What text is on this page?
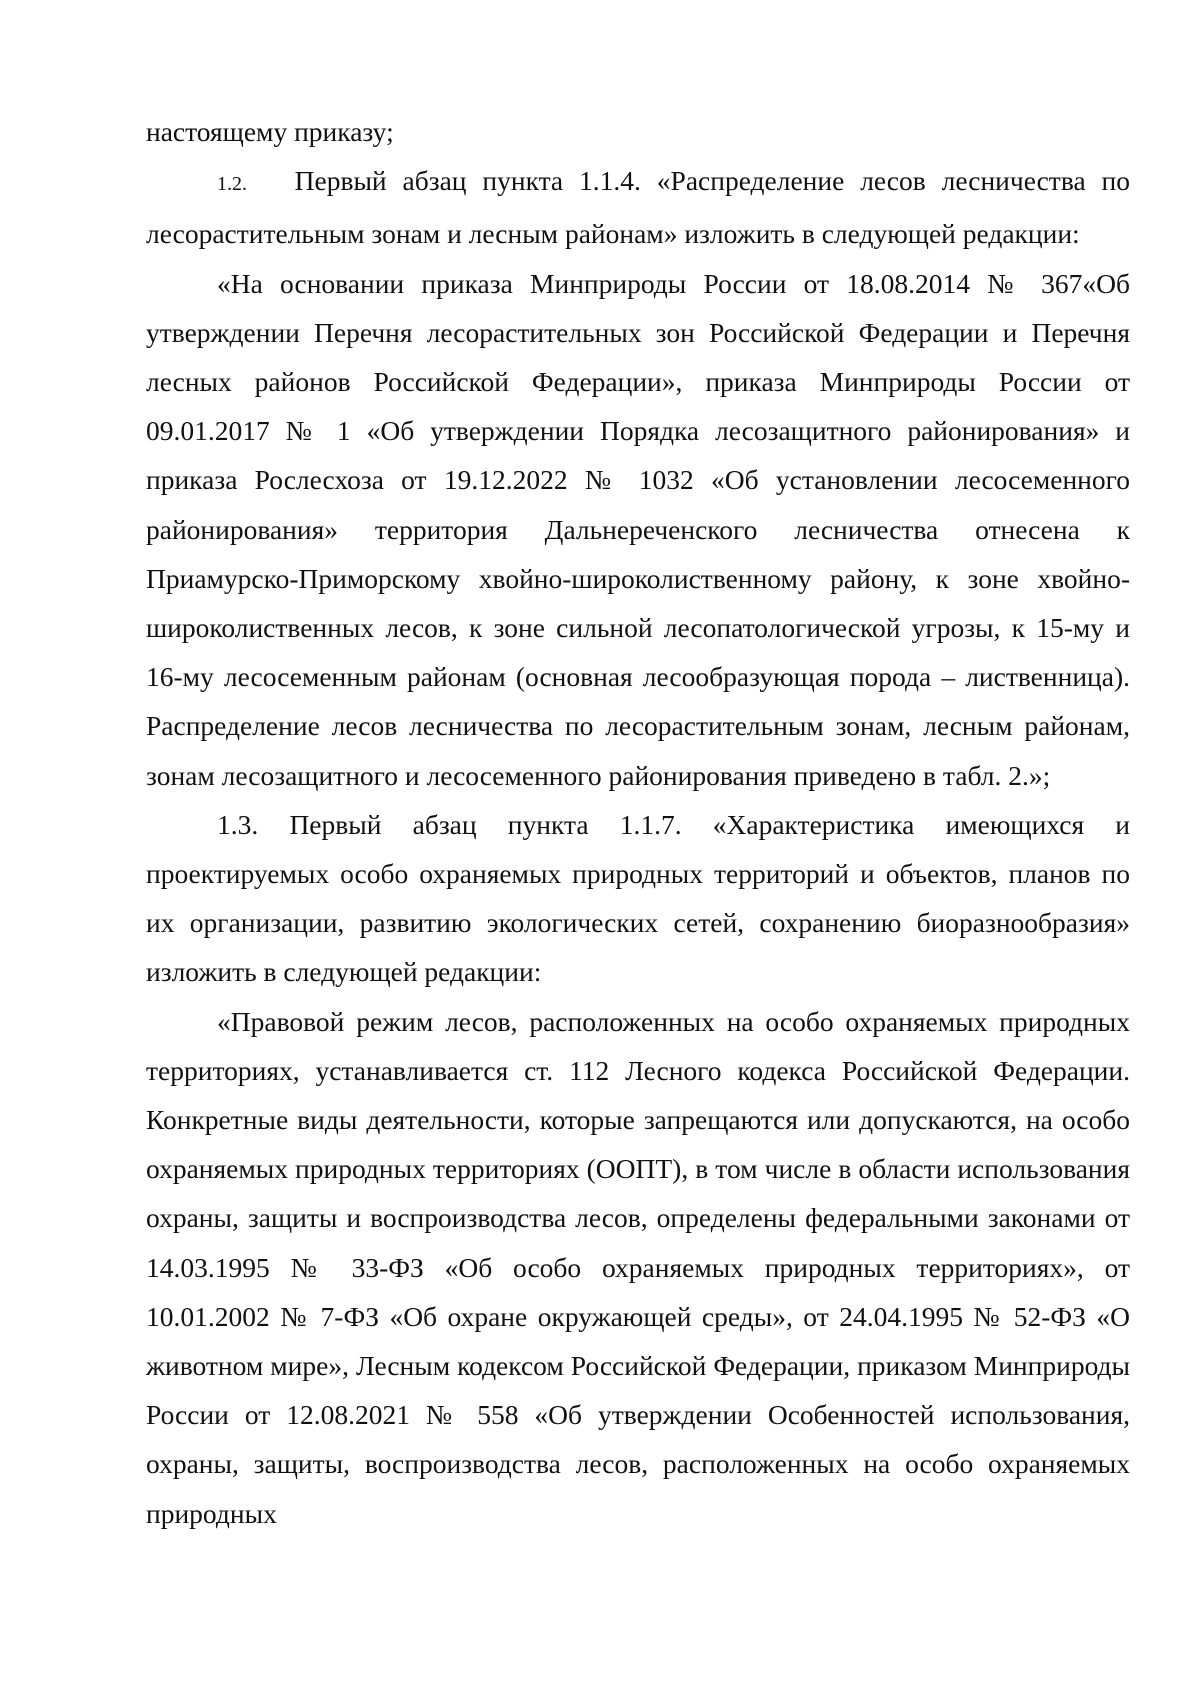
настоящему приказу;

1.2. Первый абзац пункта 1.1.4. «Распределение лесов лесничества по лесорастительным зонам и лесным районам» изложить в следующей редакции:

«На основании приказа Минприроды России от 18.08.2014 № 367«Об утверждении Перечня лесорастительных зон Российской Федерации и Перечня лесных районов Российской Федерации», приказа Минприроды России от 09.01.2017 № 1 «Об утверждении Порядка лесозащитного районирования» и приказа Рослесхоза от 19.12.2022 № 1032 «Об установлении лесосеменного районирования» территория Дальнереченского лесничества отнесена к Приамурско-Приморскому хвойно-широколиственному району, к зоне хвойно-широколиственных лесов, к зоне сильной лесопатологической угрозы, к 15-му и 16-му лесосеменным районам (основная лесообразующая порода – лиственница). Распределение лесов лесничества по лесорастительным зонам, лесным районам, зонам лесозащитного и лесосеменного районирования приведено в табл. 2.»;

1.3. Первый абзац пункта 1.1.7. «Характеристика имеющихся и проектируемых особо охраняемых природных территорий и объектов, планов по их организации, развитию экологических сетей, сохранению биоразнообразия» изложить в следующей редакции:

«Правовой режим лесов, расположенных на особо охраняемых природных территориях, устанавливается ст. 112 Лесного кодекса Российской Федерации. Конкретные виды деятельности, которые запрещаются или допускаются, на особо охраняемых природных территориях (ООПТ), в том числе в области использования охраны, защиты и воспроизводства лесов, определены федеральными законами от 14.03.1995 № 33-ФЗ «Об особо охраняемых природных территориях», от 10.01.2002 № 7-ФЗ «Об охране окружающей среды», от 24.04.1995 № 52-ФЗ «О животном мире», Лесным кодексом Российской Федерации, приказом Минприроды России от 12.08.2021 № 558 «Об утверждении Особенностей использования, охраны, защиты, воспроизводства лесов, расположенных на особо охраняемых природных
